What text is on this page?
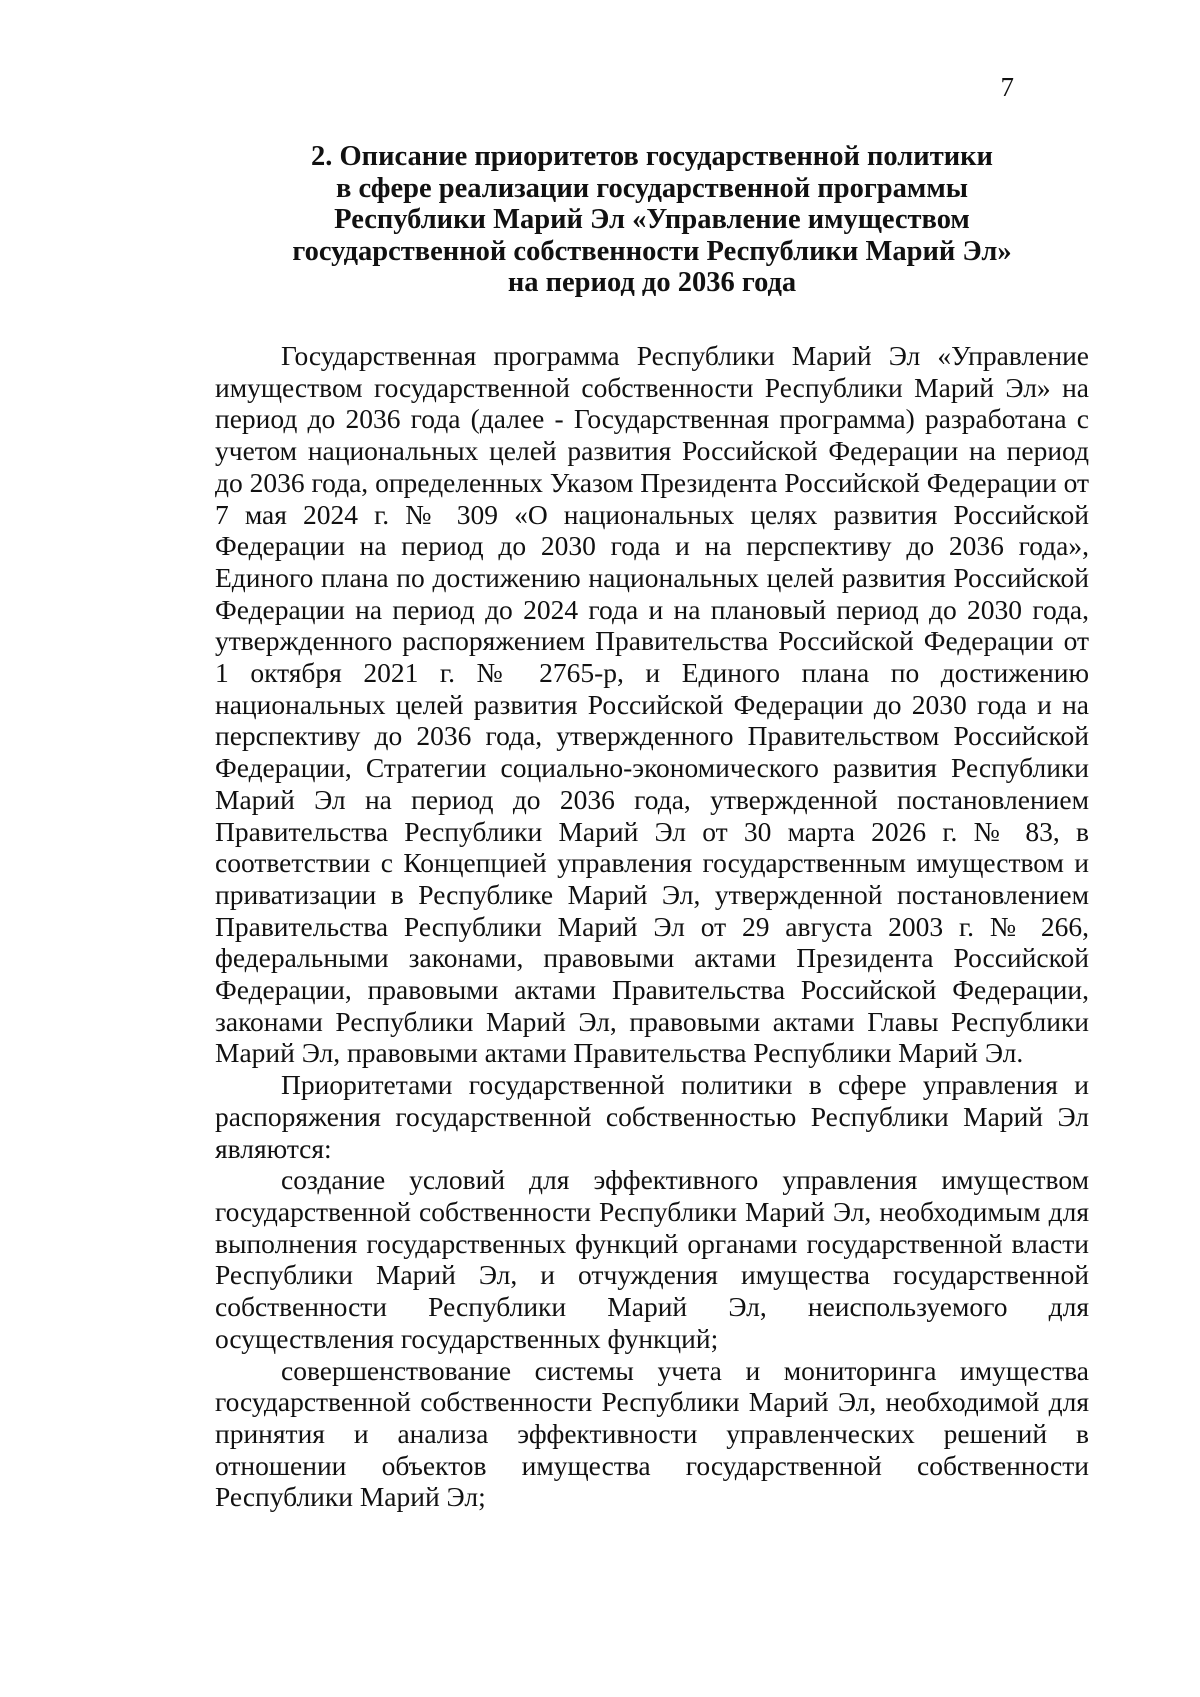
7
2. Описание приоритетов государственной политики
в сфере реализации государственной программы
Республики Марий Эл «Управление имуществом
государственной собственности Республики Марий Эл»
на период до 2036 года

Государственная программа Республики Марий Эл «Управление имуществом государственной собственности Республики Марий Эл» на период до 2036 года (далее - Государственная программа) разработана с учетом национальных целей развития Российской Федерации на период до 2036 года, определенных Указом Президента Российской Федерации от 7 мая 2024 г. № 309 «О национальных целях развития Российской Федерации на период до 2030 года и на перспективу до 2036 года», Единого плана по достижению национальных целей развития Российской Федерации на период до 2024 года и на плановый период до 2030 года, утвержденного распоряжением Правительства Российской Федерации от 1 октября 2021 г. № 2765-р, и Единого плана по достижению национальных целей развития Российской Федерации до 2030 года и на перспективу до 2036 года, утвержденного Правительством Российской Федерации, Стратегии социально-экономического развития Республики Марий Эл на период до 2036 года, утвержденной постановлением Правительства Республики Марий Эл от 30 марта 2026 г. № 83, в соответствии с Концепцией управления государственным имуществом и приватизации в Республике Марий Эл, утвержденной постановлением Правительства Республики Марий Эл от 29 августа 2003 г. № 266, федеральными законами, правовыми актами Президента Российской Федерации, правовыми актами Правительства Российской Федерации, законами Республики Марий Эл, правовыми актами Главы Республики Марий Эл, правовыми актами Правительства Республики Марий Эл.

Приоритетами государственной политики в сфере управления и распоряжения государственной собственностью Республики Марий Эл являются:

создание условий для эффективного управления имуществом государственной собственности Республики Марий Эл, необходимым для выполнения государственных функций органами государственной власти Республики Марий Эл, и отчуждения имущества государственной собственности Республики Марий Эл, неиспользуемого для осуществления государственных функций;

совершенствование системы учета и мониторинга имущества государственной собственности Республики Марий Эл, необходимой для принятия и анализа эффективности управленческих решений в отношении объектов имущества государственной собственности Республики Марий Эл;
